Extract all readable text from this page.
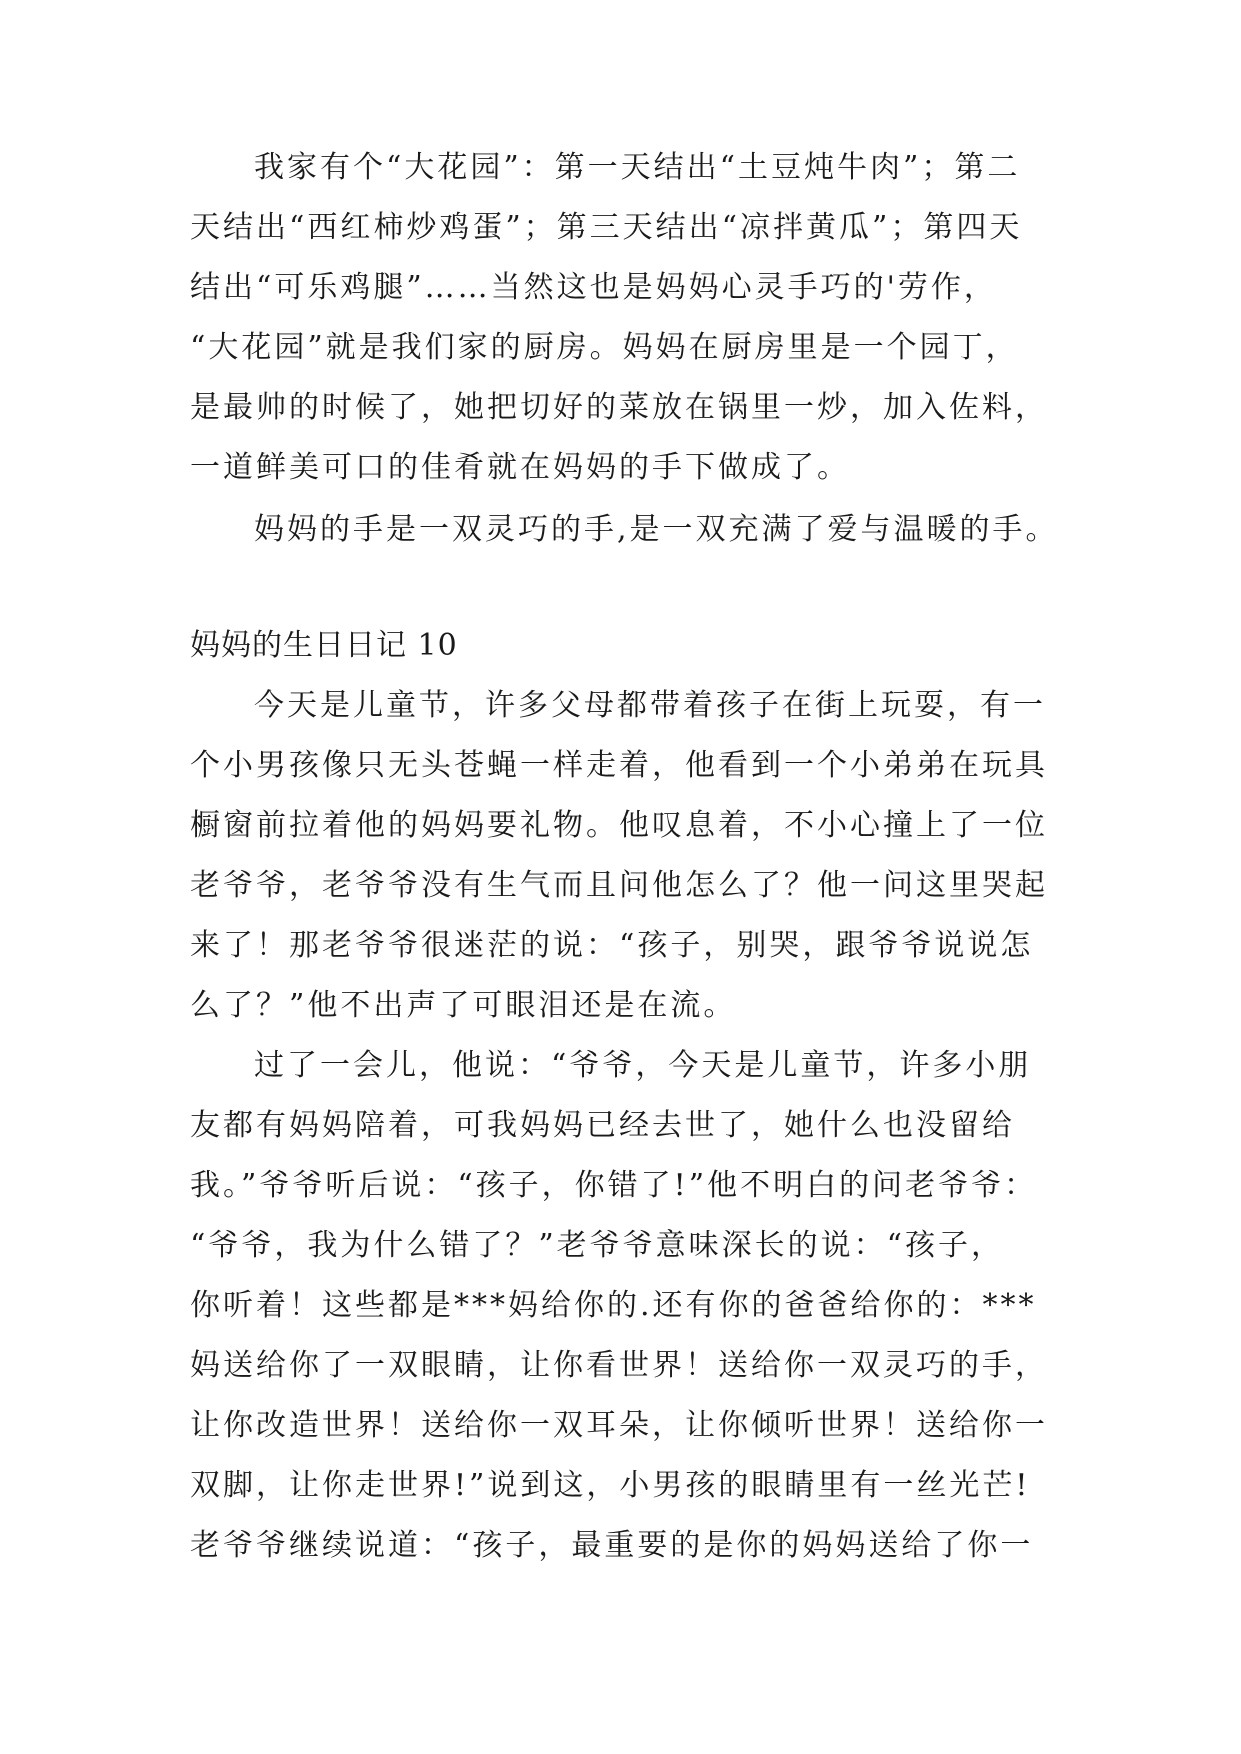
我家有个“大花园”：第一天结出“土豆炖牛肉”；第二
天结出“西红柿炒鸡蛋”；第三天结出“凉拌黄瓜”；第四天
结出“可乐鸡腿”……当然这也是妈妈心灵手巧的'劳作，
“大花园”就是我们家的厨房。妈妈在厨房里是一个园丁，
是最帅的时候了，她把切好的菜放在锅里一炒，加入佐料，
一道鲜美可口的佳肴就在妈妈的手下做成了。
妈妈的手是一双灵巧的手,是一双充满了爱与温暖的手。
妈妈的生日日记 10
今天是儿童节，许多父母都带着孩子在街上玩耍，有一
个小男孩像只无头苍蝇一样走着，他看到一个小弟弟在玩具
橱窗前拉着他的妈妈要礼物。他叹息着，不小心撞上了一位
老爷爷，老爷爷没有生气而且问他怎么了？他一问这里哭起
来了！那老爷爷很迷茫的说：“孩子，别哭，跟爷爷说说怎
么了？”他不出声了可眼泪还是在流。
过了一会儿，他说：“爷爷，今天是儿童节，许多小朋
友都有妈妈陪着，可我妈妈已经去世了，她什么也没留给
我。”爷爷听后说：“孩子，你错了!”他不明白的问老爷爷：
“爷爷，我为什么错了？”老爷爷意味深长的说：“孩子，
你听着！这些都是***妈给你的.还有你的爸爸给你的：***
妈送给你了一双眼睛，让你看世界！送给你一双灵巧的手，
让你改造世界！送给你一双耳朵，让你倾听世界！送给你一
双脚，让你走世界!”说到这，小男孩的眼睛里有一丝光芒!
老爷爷继续说道：“孩子，最重要的是你的妈妈送给了你一
